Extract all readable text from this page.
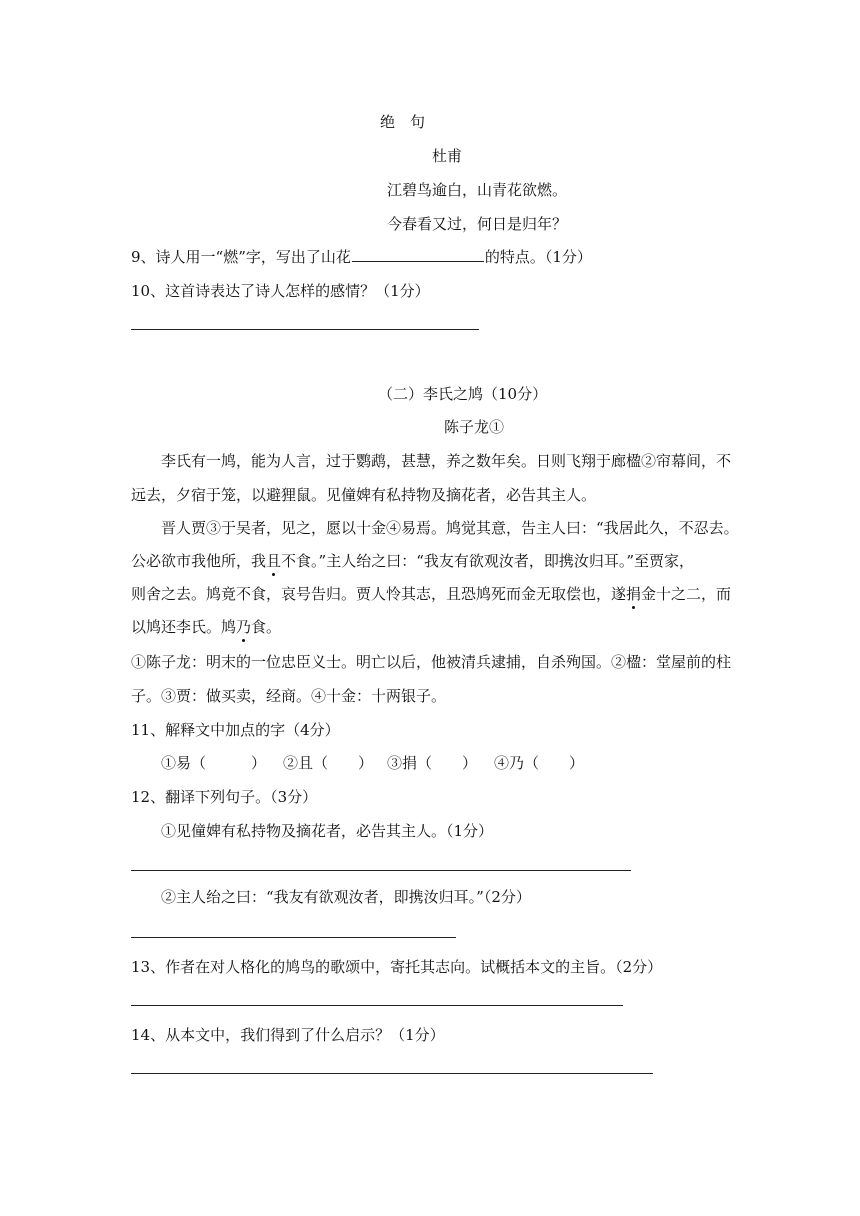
绝　句
杜甫
江碧鸟逾白，山青花欲燃。
今春看又过，何日是归年？
9、诗人用一“燃”字，写出了山花	的特点。（1分）
10、这首诗表达了诗人怎样的感情？（1分）
（二）李氏之鸠（10分）
陈子龙①
李氏有一鸠，能为人言，过于鹦鹉，甚慧，养之数年矣。日则飞翔于廊楹②帘幕间，不
远去，夕宿于笼，以避狸鼠。见僮婢有私持物及摘花者，必告其主人。
晋人贾③于吴者，见之，愿以十金④易焉。鸠觉其意，告主人曰：“我居此久，不忍去。
公必欲市我他所，我且不食。”主人绐之曰：“我友有欲观汝者，即携汝归耳。”至贾家，
则舍之去。鸠竟不食，哀号告归。贾人怜其志，且恐鸠死而金无取偿也，遂捐金十之二，而
以鸠还李氏。鸠乃食。
①陈子龙：明末的一位忠臣义士。明亡以后，他被清兵逮捕，自杀殉国。②楹：堂屋前的柱
子。③贾：做买卖，经商。④十金：十两银子。
11、解释文中加点的字（4分）
①易（　　　） ②且（　　） ③捐（　　） ④乃（　　）
12、翻译下列句子。（3分）
①见僮婢有私持物及摘花者，必告其主人。（1分）
②主人绐之曰：“我友有欲观汝者，即携汝归耳。”（2分）
13、作者在对人格化的鸠鸟的歌颂中，寄托其志向。试概括本文的主旨。（2分）
14、从本文中，我们得到了什么启示？（1分）
